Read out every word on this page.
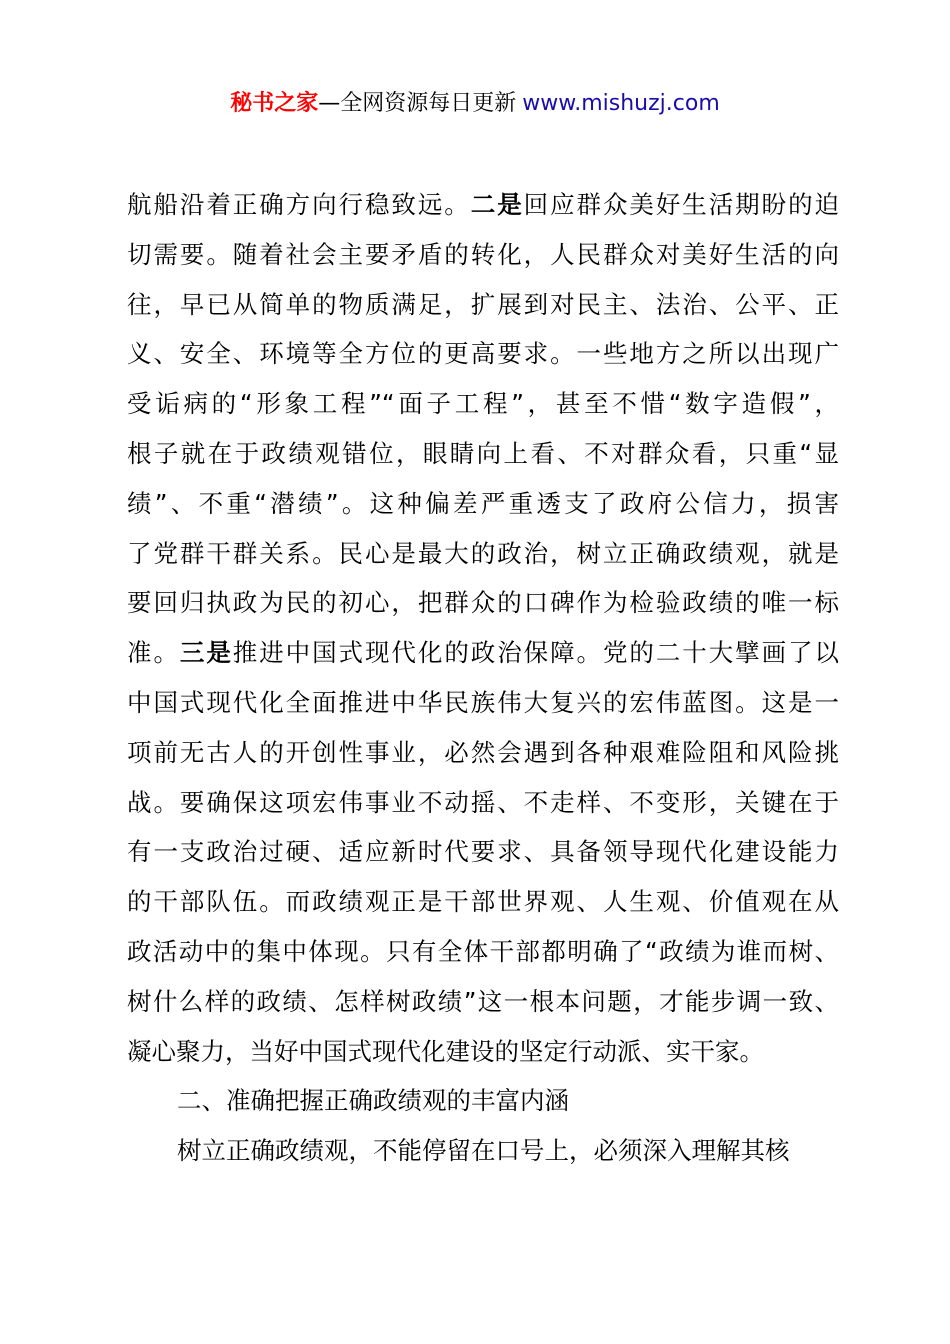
秘书之家—全网资源每日更新 www.mishuzj.com
航船沿着正确方向行稳致远。二是回应群众美好生活期盼的迫
切需要。随着社会主要矛盾的转化，人民群众对美好生活的向
往，早已从简单的物质满足，扩展到对民主、法治、公平、正
义、安全、环境等全方位的更高要求。一些地方之所以出现广
受诟病的“形象工程”“面子工程”，甚至不惜“数字造假”，
根子就在于政绩观错位，眼睛向上看、不对群众看，只重“显
绩”、不重“潜绩”。这种偏差严重透支了政府公信力，损害
了党群干群关系。民心是最大的政治，树立正确政绩观，就是
要回归执政为民的初心，把群众的口碑作为检验政绩的唯一标
准。三是推进中国式现代化的政治保障。党的二十大擘画了以
中国式现代化全面推进中华民族伟大复兴的宏伟蓝图。这是一
项前无古人的开创性事业，必然会遇到各种艰难险阻和风险挑
战。要确保这项宏伟事业不动摇、不走样、不变形，关键在于
有一支政治过硬、适应新时代要求、具备领导现代化建设能力
的干部队伍。而政绩观正是干部世界观、人生观、价值观在从
政活动中的集中体现。只有全体干部都明确了“政绩为谁而树、
树什么样的政绩、怎样树政绩”这一根本问题，才能步调一致、
凝心聚力，当好中国式现代化建设的坚定行动派、实干家。
二、准确把握正确政绩观的丰富内涵
树立正确政绩观，不能停留在口号上，必须深入理解其核
